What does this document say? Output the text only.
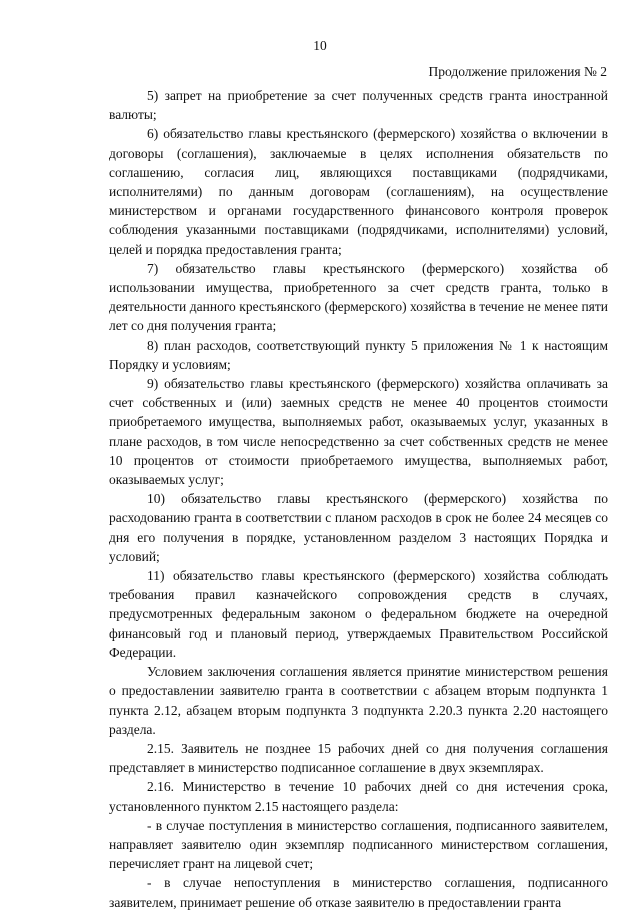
10
Продолжение приложения № 2

5) запрет на приобретение за счет полученных средств гранта иностранной валюты;

6) обязательство главы крестьянского (фермерского) хозяйства о включении в договоры (соглашения), заключаемые в целях исполнения обязательств по соглашению, согласия лиц, являющихся поставщиками (подрядчиками, исполнителями) по данным договорам (соглашениям), на осуществление министерством и органами государственного финансового контроля проверок соблюдения указанными поставщиками (подрядчиками, исполнителями) условий, целей и порядка предоставления гранта;

7) обязательство главы крестьянского (фермерского) хозяйства об использовании имущества, приобретенного за счет средств гранта, только в деятельности данного крестьянского (фермерского) хозяйства в течение не менее пяти лет со дня получения гранта;

8) план расходов, соответствующий пункту 5 приложения № 1 к настоящим Порядку и условиям;

9) обязательство главы крестьянского (фермерского) хозяйства оплачивать за счет собственных и (или) заемных средств не менее 40 процентов стоимости приобретаемого имущества, выполняемых работ, оказываемых услуг, указанных в плане расходов, в том числе непосредственно за счет собственных средств не менее 10 процентов от стоимости приобретаемого имущества, выполняемых работ, оказываемых услуг;

10) обязательство главы крестьянского (фермерского) хозяйства по расходованию гранта в соответствии с планом расходов в срок не более 24 месяцев со дня его получения в порядке, установленном разделом 3 настоящих Порядка и условий;

11) обязательство главы крестьянского (фермерского) хозяйства соблюдать требования правил казначейского сопровождения средств в случаях, предусмотренных федеральным законом о федеральном бюджете на очередной финансовый год и плановый период, утверждаемых Правительством Российской Федерации.

Условием заключения соглашения является принятие министерством решения о предоставлении заявителю гранта в соответствии с абзацем вторым подпункта 1 пункта 2.12, абзацем вторым подпункта 3 подпункта 2.20.3 пункта 2.20 настоящего раздела.

2.15. Заявитель не позднее 15 рабочих дней со дня получения соглашения представляет в министерство подписанное соглашение в двух экземплярах.

2.16. Министерство в течение 10 рабочих дней со дня истечения срока, установленного пунктом 2.15 настоящего раздела:

- в случае поступления в министерство соглашения, подписанного заявителем, направляет заявителю один экземпляр подписанного министерством соглашения, перечисляет грант на лицевой счет;

- в случае непоступления в министерство соглашения, подписанного заявителем, принимает решение об отказе заявителю в предоставлении гранта
